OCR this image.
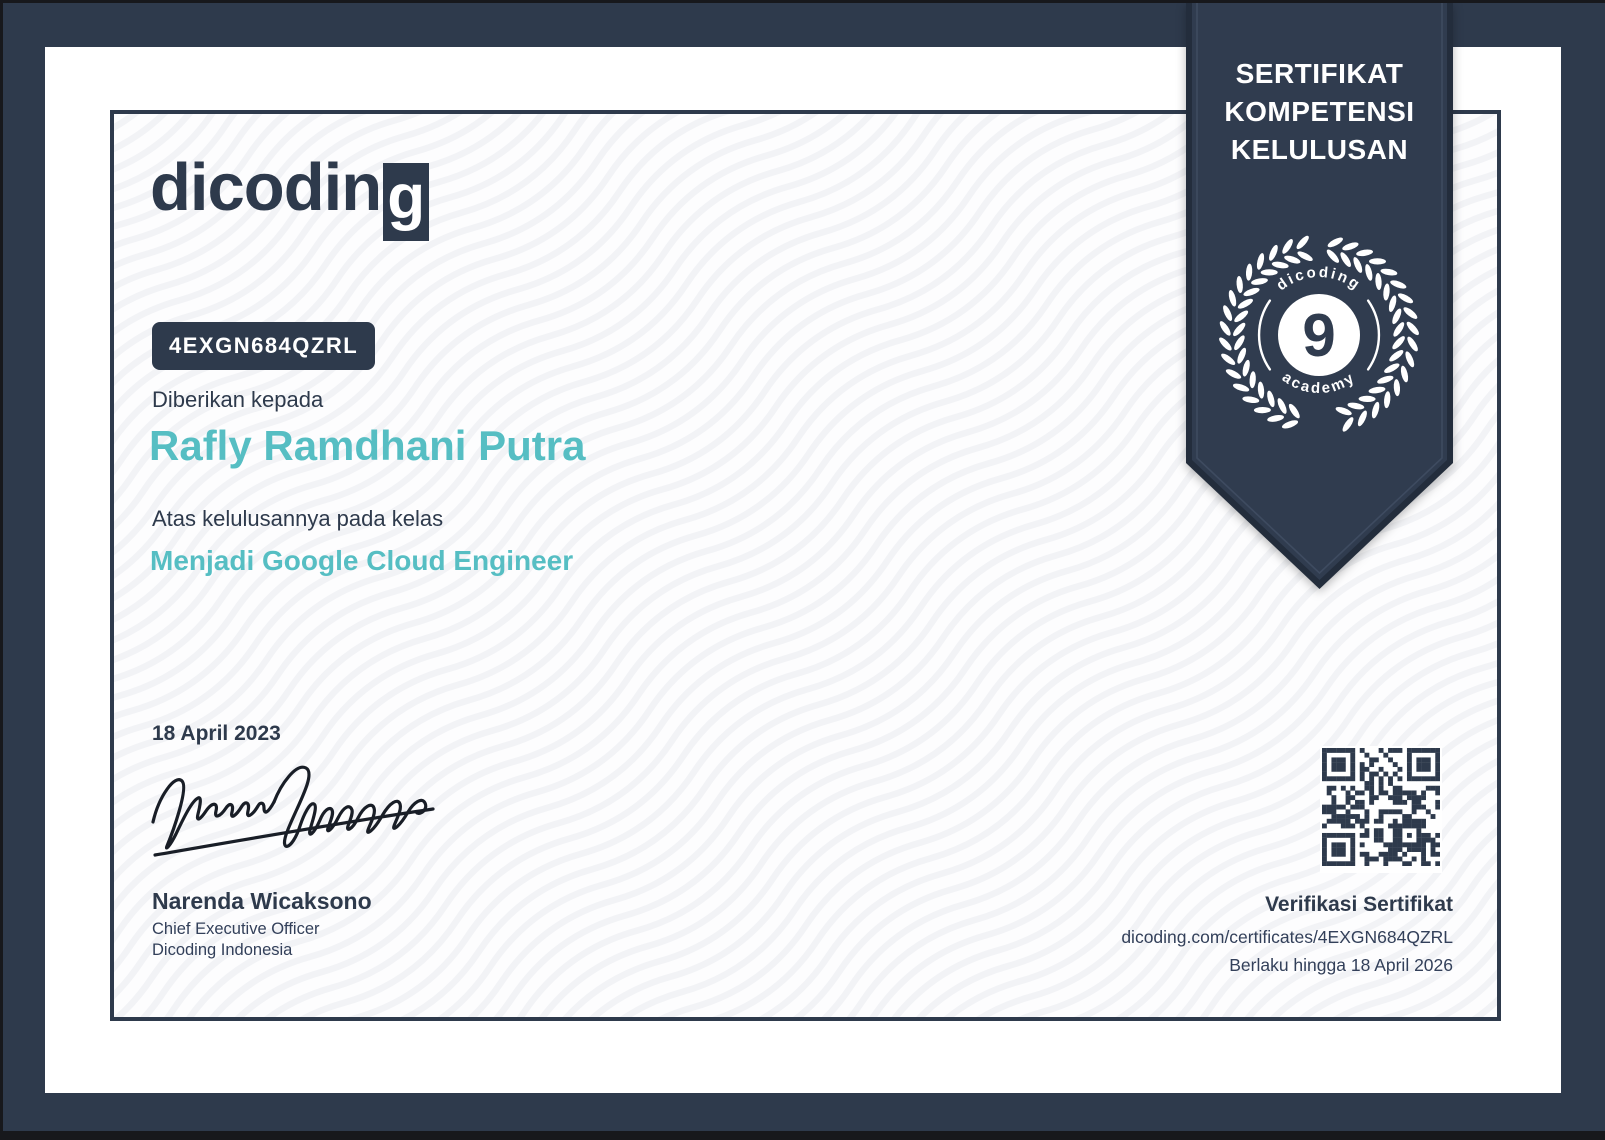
dicodin g
4EXGN684QZRL
Diberikan kepada
Rafly Ramdhani Putra
Atas kelulusannya pada kelas
Menjadi Google Cloud Engineer
18 April 2023
Narenda Wicaksono
Chief Executive Officer
Dicoding Indonesia
Verifikasi Sertifikat
dicoding.com/certificates/4EXGN684QZRL
Berlaku hingga 18 April 2026
SERTIFIKAT
KOMPETENSI
KELULUSAN
dicoding
9
academy
